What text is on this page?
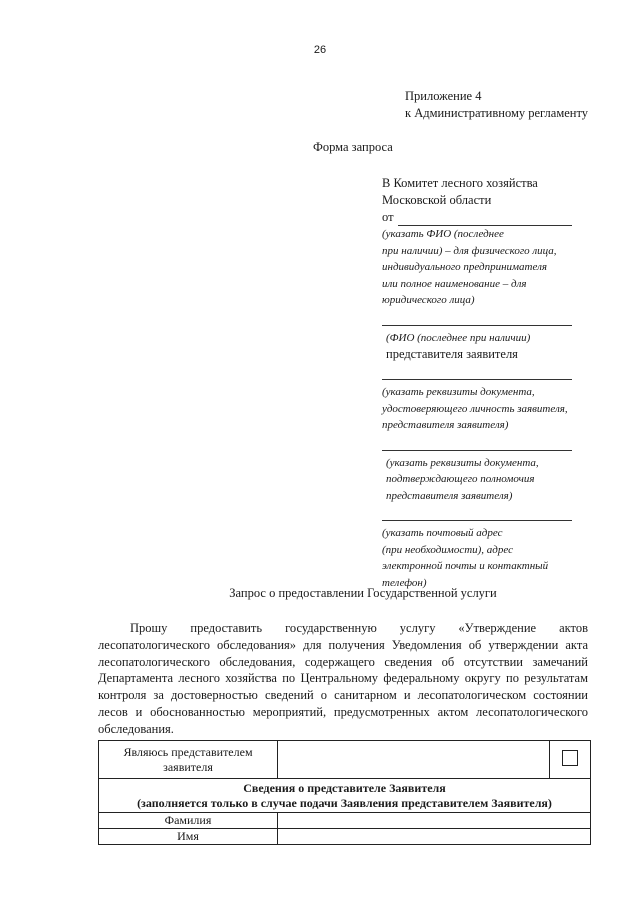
26
Приложение 4
к Административному регламенту
Форма запроса
В Комитет лесного хозяйства
Московской области
от
(указать ФИО (последнее
при наличии) – для физического лица,
индивидуального предпринимателя
или полное наименование – для
юридического лица)
(ФИО (последнее при наличии)
представителя заявителя
(указать реквизиты документа,
удостоверяющего личность заявителя,
представителя заявителя)
(указать реквизиты документа,
подтверждающего полномочия
представителя заявителя)
(указать почтовый адрес
(при необходимости), адрес
электронной почты и контактный
телефон)
Запрос о предоставлении Государственной услуги
Прошу предоставить государственную услугу «Утверждение актов лесопатологического обследования» для получения Уведомления об утверждении акта лесопатологического обследования, содержащего сведения об отсутствии замечаний Департамента лесного хозяйства по Центральному федеральному округу по результатам контроля за достоверностью сведений о санитарном и лесопатологическом состоянии лесов и обоснованностью мероприятий, предусмотренных актом лесопатологического обследования.
Являюсь представителем заявителя		

Сведения о представителе Заявителя
(заполняется только в случае подачи Заявления представителем Заявителя)		

Фамилия		
Имя		
